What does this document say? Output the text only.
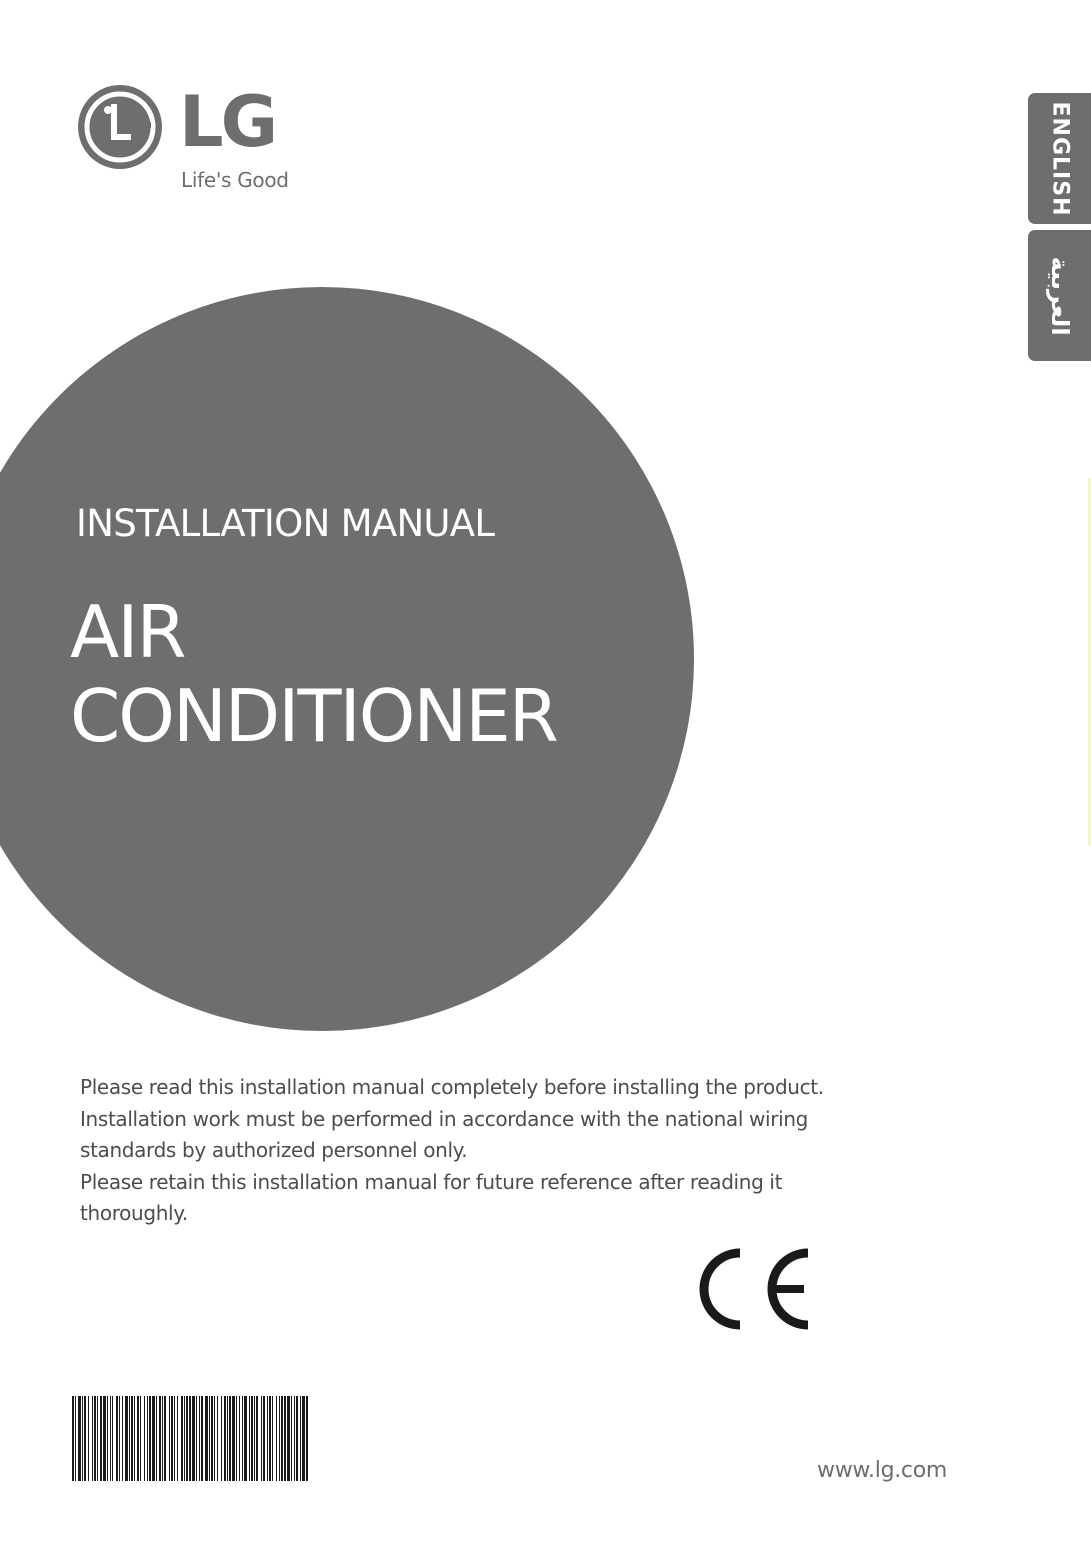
LG
Life's Good	ENGLISH
العربية
INSTALLATION MANUAL
AIR
CONDITIONER

Please read this installation manual completely before installing the product.

Installation work must be performed in accordance with the national wiring standards by authorized personnel only.

Please retain this installation manual for future reference after reading it thoroughly.

www.lg.com
